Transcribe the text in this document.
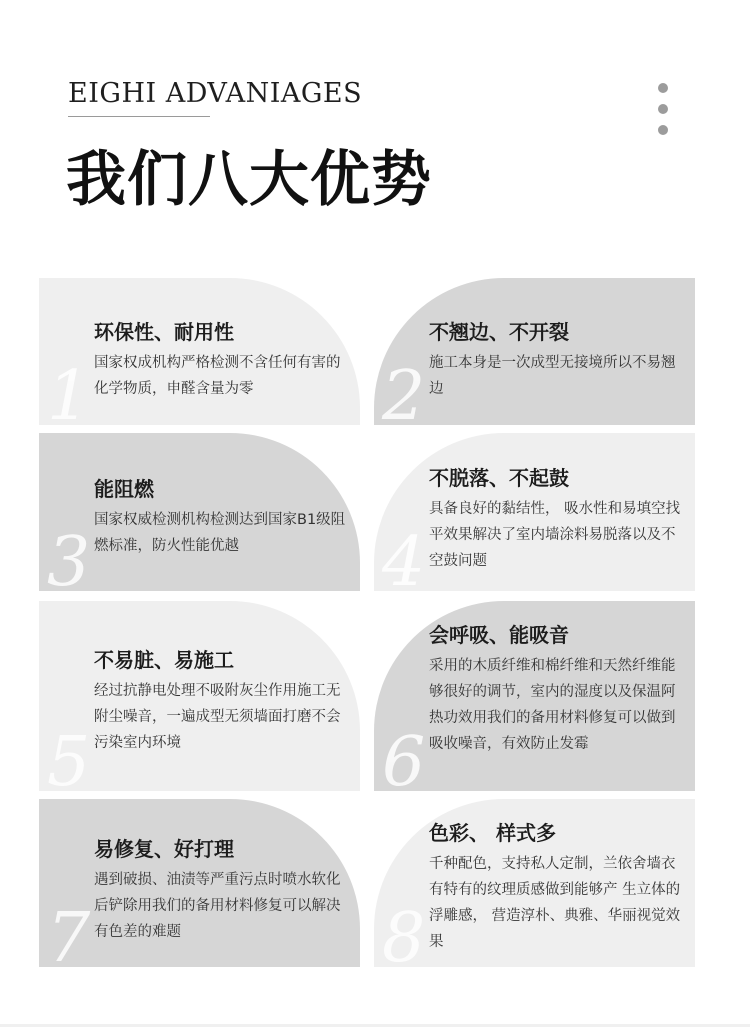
EIGHI ADVANIAGES
我们八大优势
1
环保性、耐用性
国家权成机构严格检测不含任何有害的化学物质，申醛含量为零	2
不翘边、不开裂
施工本身是一次成型无接境所以不易翘边
3
能阻燃
国家权威检测机构检测达到国家B1级阻燃标准，防火性能优越	4
不脱落、不起鼓
具备良好的黏结性， 吸水性和易填空找平效果解决了室内墙涂料易脱落以及不空鼓问题
5
不易脏、易施工
经过抗静电处理不吸附灰尘作用施工无附尘噪音，一遍成型无须墙面打磨不会污染室内环境	6
会呼吸、能吸音
采用的木质纤维和棉纤维和天然纤维能够很好的调节，室内的湿度以及保温阿热功效用我们的备用材料修复可以做到吸收噪音，有效防止发霉
7
易修复、好打理
遇到破损、油渍等严重污点时喷水软化后铲除用我们的备用材料修复可以解决有色差的难题	8
色彩、 样式多
千种配色，支持私人定制，兰依舍墙衣有特有的纹理质感做到能够产 生立体的浮雕感， 营造淳朴、典雅、华丽视觉效果
